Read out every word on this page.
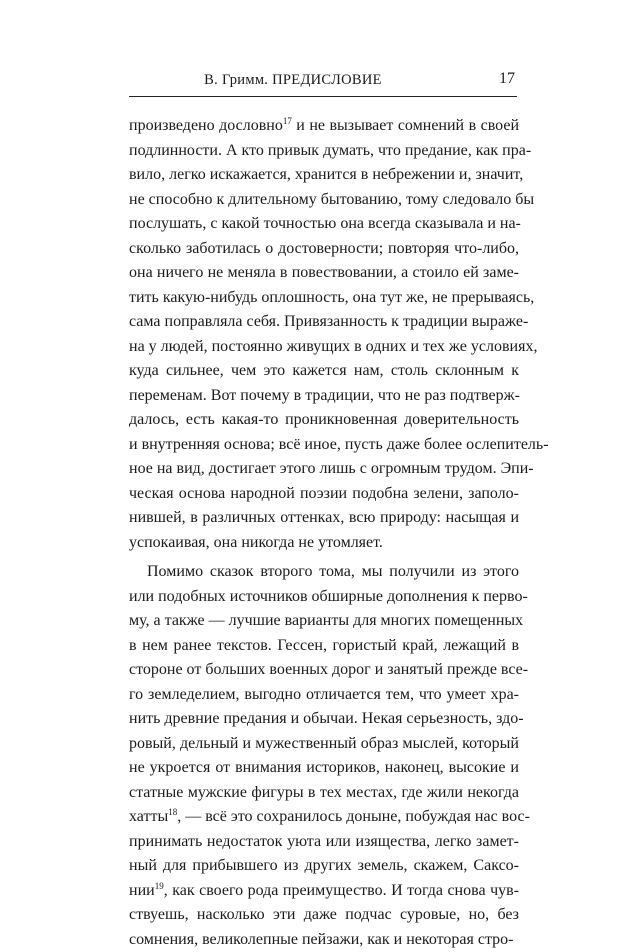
В. Гримм. ПРЕДИСЛОВИЕ	17
произведено дословно$^{17}$ и не вызывает сомнений в своей
подлинности. А кто привык думать, что предание, как пра-
вило, легко искажается, хранится в небрежении и, значит,
не способно к длительному бытованию, тому следовало бы
послушать, с какой точностью она всегда сказывала и на-
сколько заботилась о достоверности; повторяя что-либо,
она ничего не меняла в повествовании, а стоило ей заме-
тить какую-нибудь оплошность, она тут же, не прерываясь,
сама поправляла себя. Привязанность к традиции выраже-
на у людей, постоянно живущих в одних и тех же условиях,
куда сильнее, чем это кажется нам, столь склонным к
переменам. Вот почему в традиции, что не раз подтверж-
далось, есть какая-то проникновенная доверительность
и внутренняя основа; всё иное, пусть даже более ослепитель-
ное на вид, достигает этого лишь с огромным трудом. Эпи-
ческая основа народной поэзии подобна зелени, заполо-
нившей, в различных оттенках, всю природу: насыщая и
успокаивая, она никогда не утомляет.
Помимо сказок второго тома, мы получили из этого
или подобных источников обширные дополнения к перво-
му, а также — лучшие варианты для многих помещенных
в нем ранее текстов. Гессен, гористый край, лежащий в
стороне от больших военных дорог и занятый прежде все-
го земледелием, выгодно отличается тем, что умеет хра-
нить древние предания и обычаи. Некая серьезность, здо-
ровый, дельный и мужественный образ мыслей, который
не укроется от внимания историков, наконец, высокие и
статные мужские фигуры в тех местах, где жили некогда
хатты$^{18}$, — всё это сохранилось доныне, побуждая нас вос-
принимать недостаток уюта или изящества, легко замет-
ный для прибывшего из других земель, скажем, Саксо-
нии$^{19}$, как своего рода преимущество. И тогда снова чув-
ствуешь, насколько эти даже подчас суровые, но, без
сомнения, великолепные пейзажи, как и некоторая стро-
